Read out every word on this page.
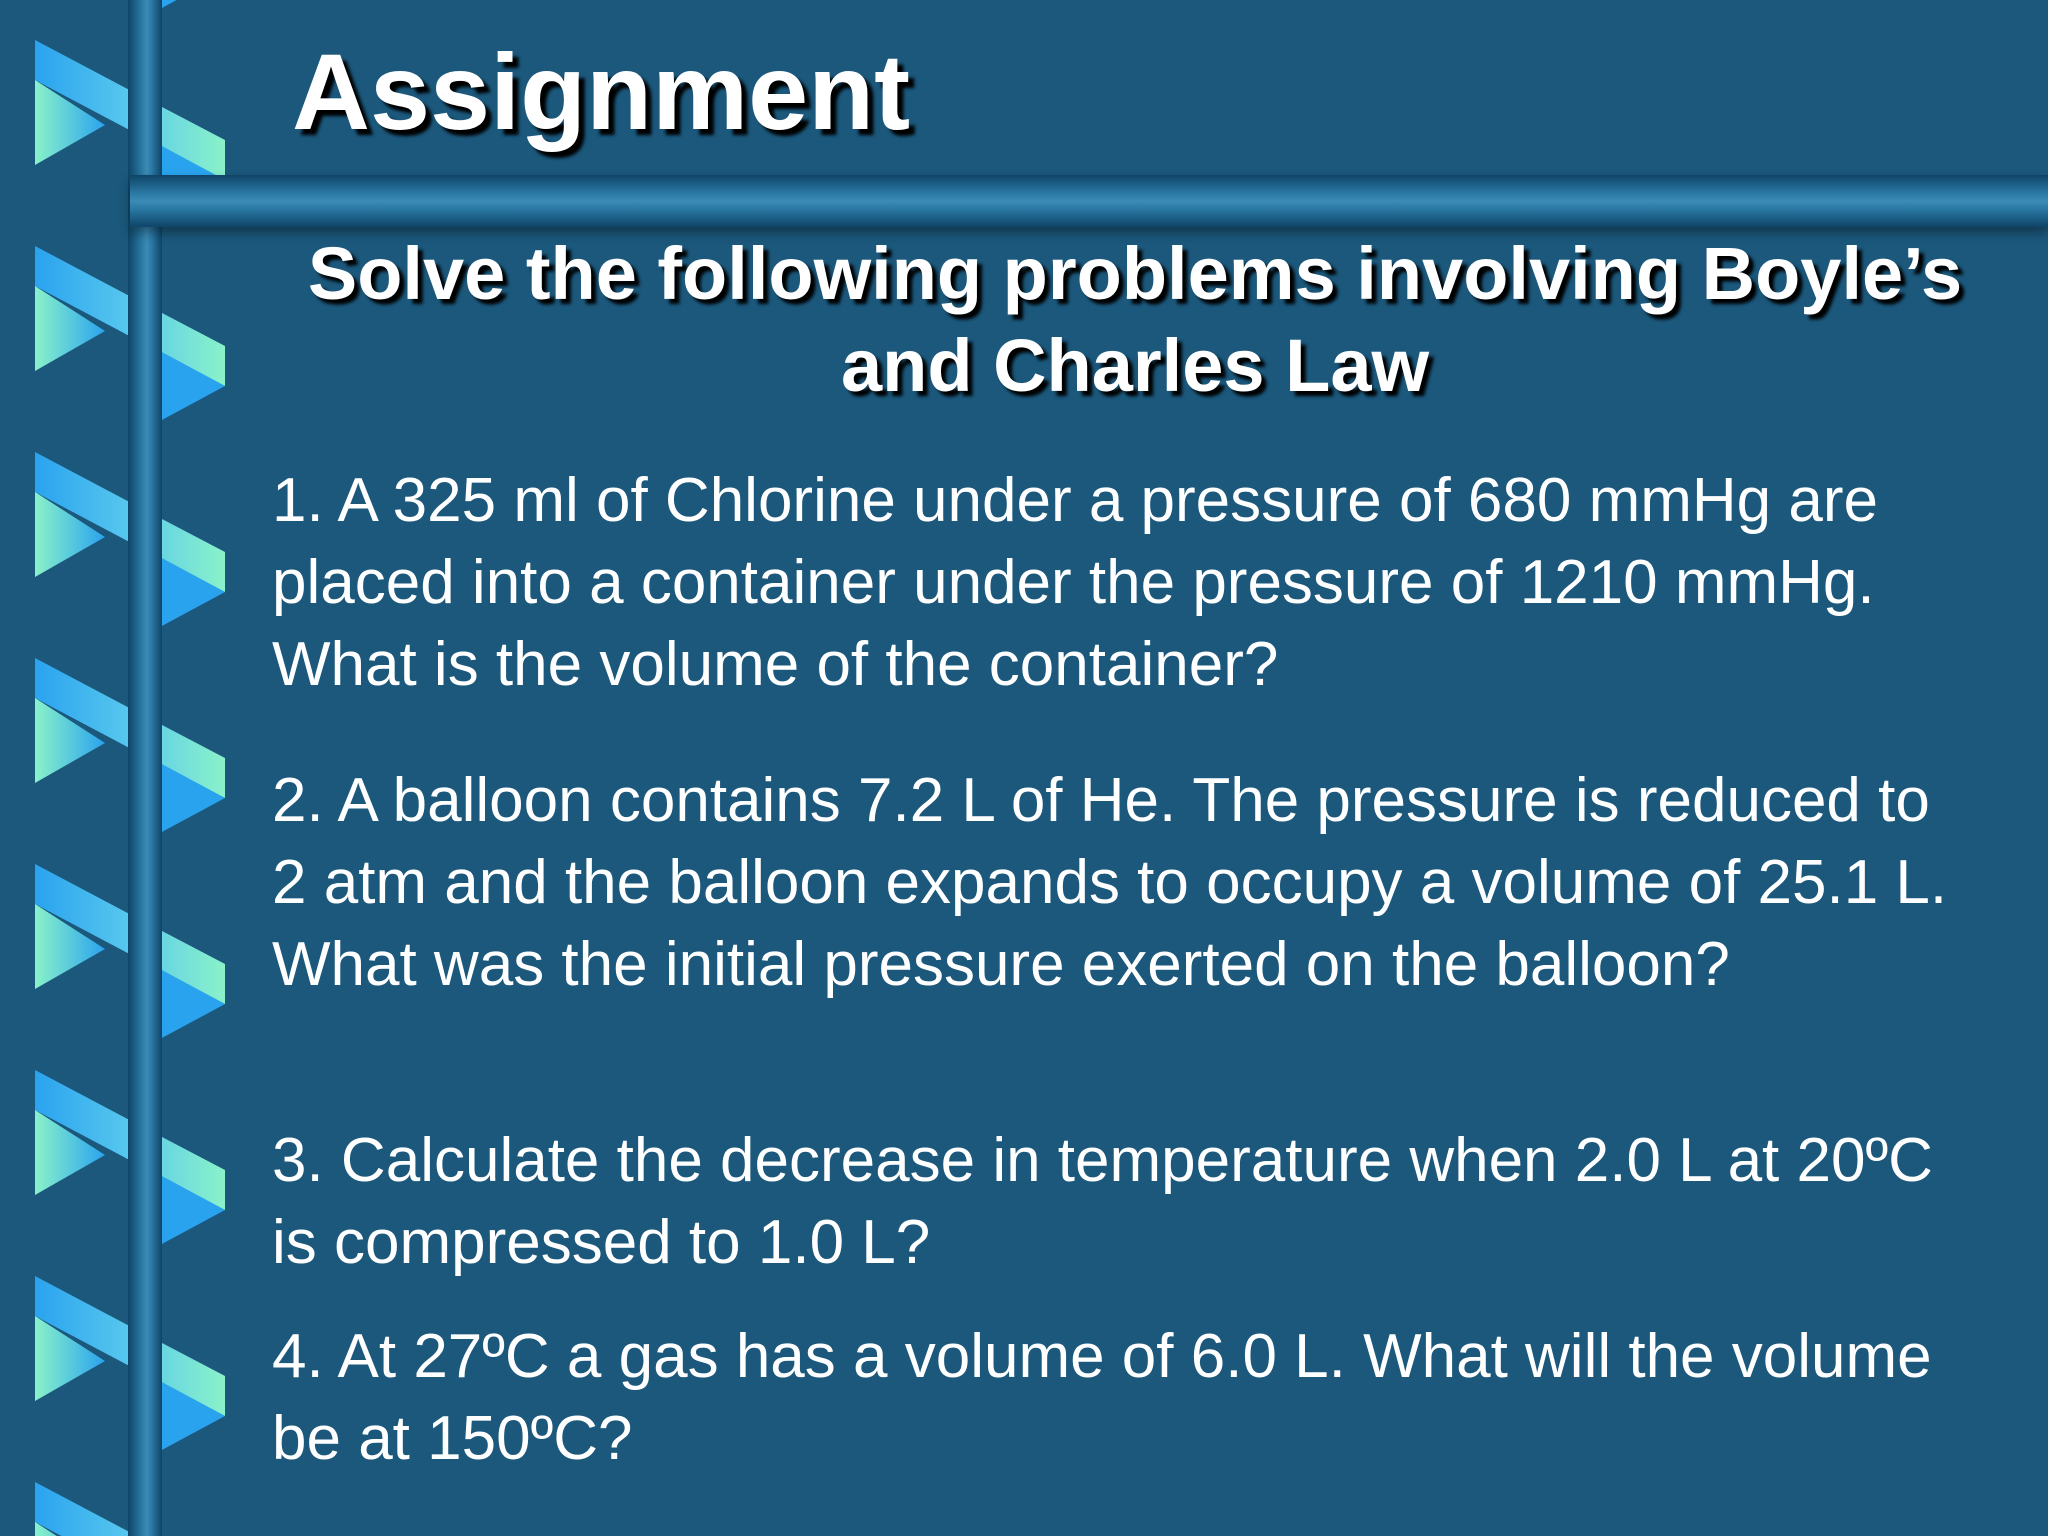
Assignment

Solve the following problems involving Boyle’s and Charles Law

1. A 325 ml of Chlorine under a pressure of 680 mmHg are placed into a container under the pressure of 1210 mmHg. What is the volume of the container?

2. A balloon contains 7.2 L of He. The pressure is reduced to 2 atm and the balloon expands to occupy a volume of 25.1 L. What was the initial pressure exerted on the balloon?

3. Calculate the decrease in temperature when 2.0 L at 20ºC is compressed to 1.0 L?

4. At 27ºC a gas has a volume of 6.0 L. What will the volume be at 150ºC?
